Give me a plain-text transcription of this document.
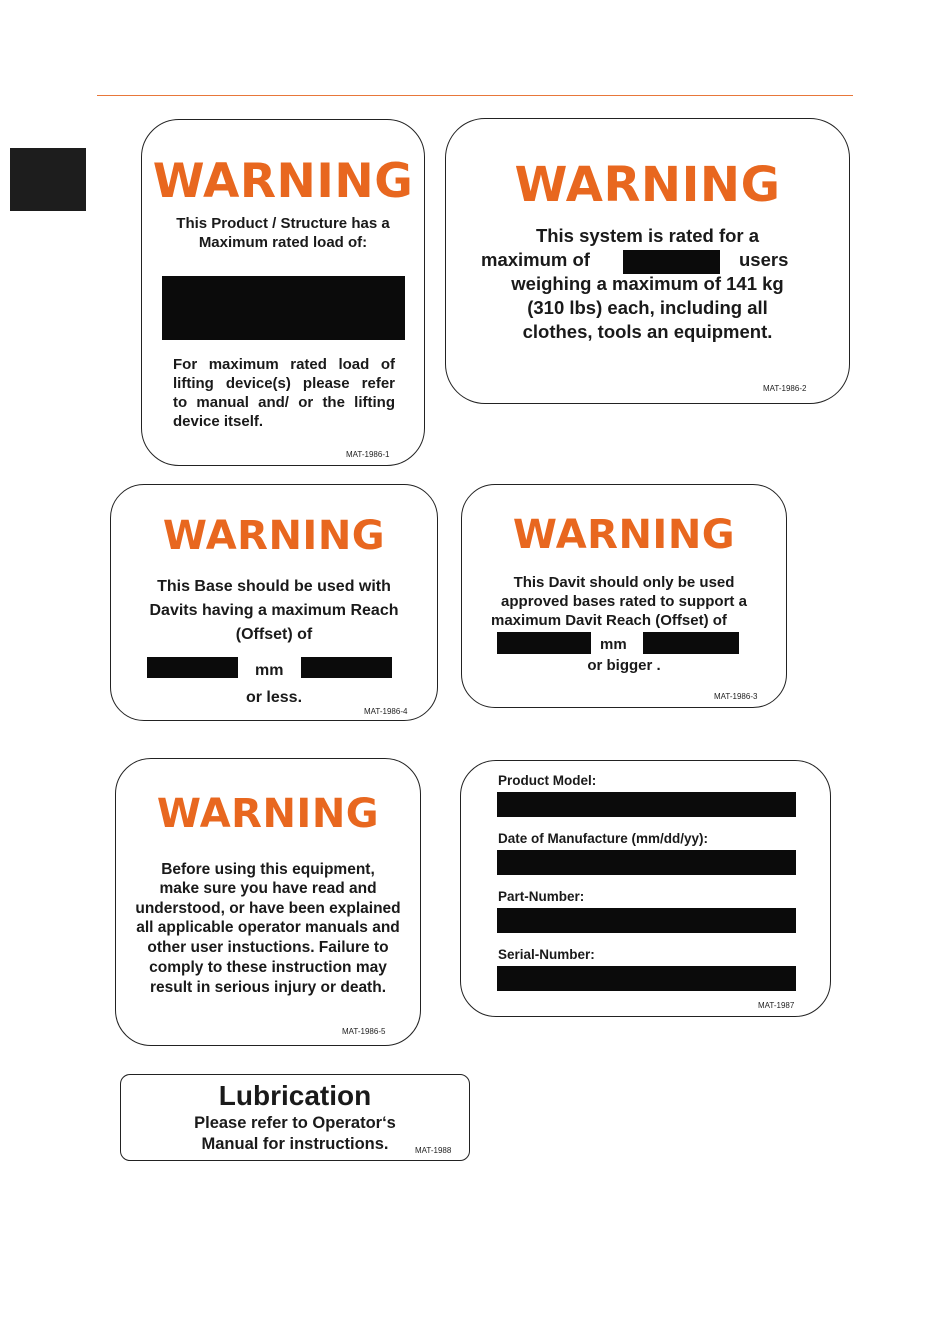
WARNING
This Product / Structure has a
Maximum rated load of:
For maximum rated load of
lifting device(s) please refer
to manual and/ or the lifting
device itself.
MAT-1986-1
WARNING
This system is rated for a
maximum of	users
weighing a maximum of 141 kg
(310 lbs) each, including all
clothes, tools an equipment.
MAT-1986-2
WARNING
This Base should be used with
Davits having a maximum Reach
(Offset) of
mm
or less.
MAT-1986-4
WARNING
This Davit should only be used
approved bases rated to support a
maximum Davit Reach (Offset) of
mm
or bigger .
MAT-1986-3
WARNING
Before using this equipment,
make sure you have read and
understood, or have been explained
all applicable operator manuals and
other user instuctions. Failure to
comply to these instruction may
result in serious injury or death.
MAT-1986-5
Product Model:
Date of Manufacture (mm/dd/yy):
Part-Number:
Serial-Number:
MAT-1987
Lubrication
Please refer to Operator‘s
Manual for instructions.	MAT-1988
